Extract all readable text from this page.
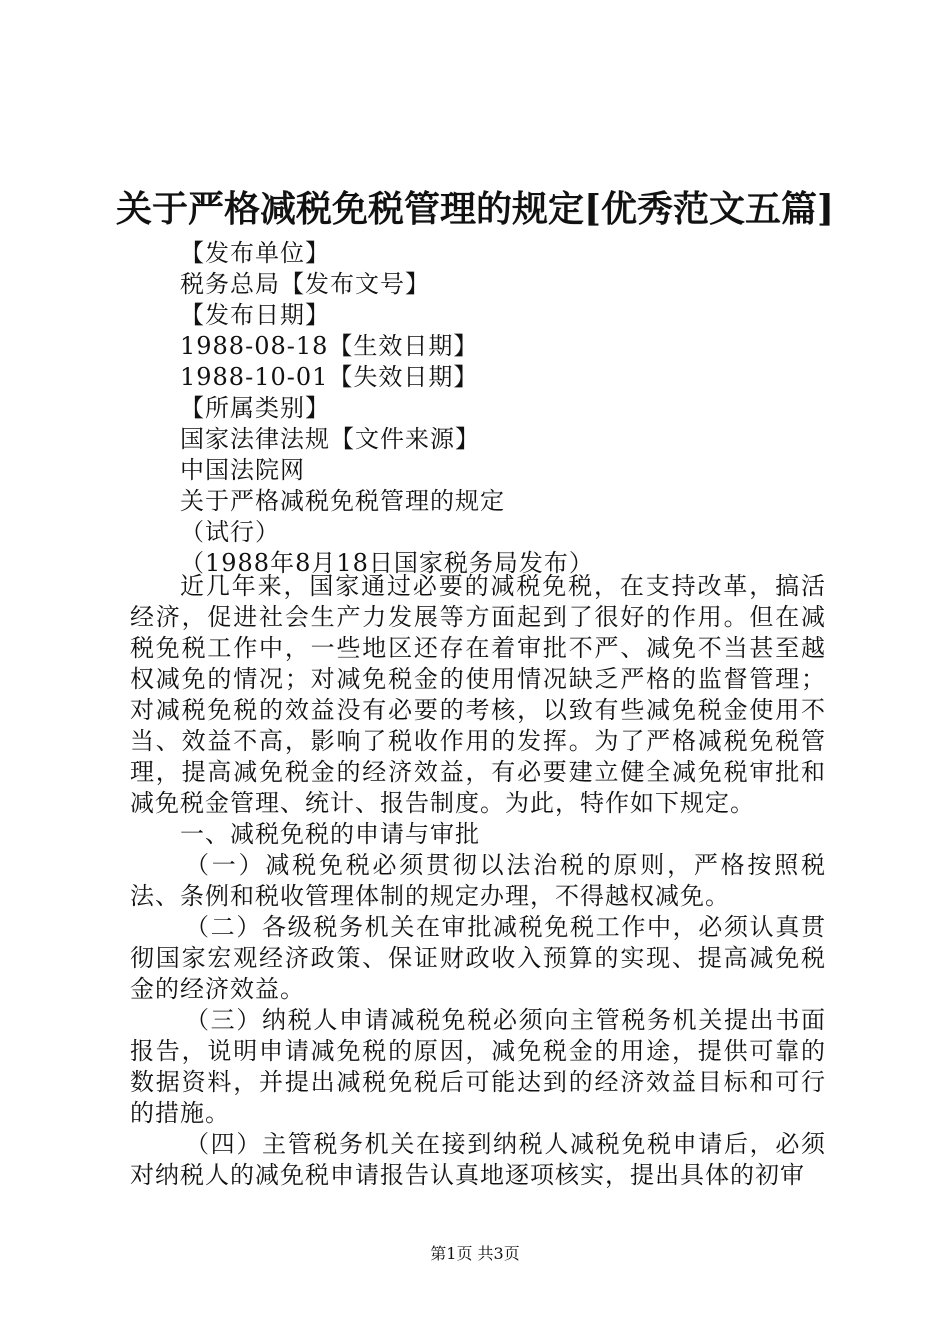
关于严格减税免税管理的规定[优秀范文五篇]
【发布单位】
税务总局【发布文号】
【发布日期】
1988-08-18【生效日期】
1988-10-01【失效日期】
【所属类别】
国家法律法规【文件来源】
中国法院网
关于严格减税免税管理的规定
（试行）
（1988年8月18日国家税务局发布）

近几年来，国家通过必要的减税免税，在支持改革，搞活经济，促进社会生产力发展等方面起到了很好的作用。但在减税免税工作中，一些地区还存在着审批不严、减免不当甚至越权减免的情况；对减免税金的使用情况缺乏严格的监督管理；对减税免税的效益没有必要的考核，以致有些减免税金使用不当、效益不高，影响了税收作用的发挥。为了严格减税免税管理，提高减免税金的经济效益，有必要建立健全减免税审批和减免税金管理、统计、报告制度。为此，特作如下规定。

一、减税免税的申请与审批

（一）减税免税必须贯彻以法治税的原则，严格按照税法、条例和税收管理体制的规定办理，不得越权减免。

（二）各级税务机关在审批减税免税工作中，必须认真贯彻国家宏观经济政策、保证财政收入预算的实现、提高减免税金的经济效益。

（三）纳税人申请减税免税必须向主管税务机关提出书面报告，说明申请减免税的原因，减免税金的用途，提供可靠的数据资料，并提出减税免税后可能达到的经济效益目标和可行的措施。

（四）主管税务机关在接到纳税人减税免税申请后，必须对纳税人的减免税申请报告认真地逐项核实，提出具体的初审

第1页 共3页
